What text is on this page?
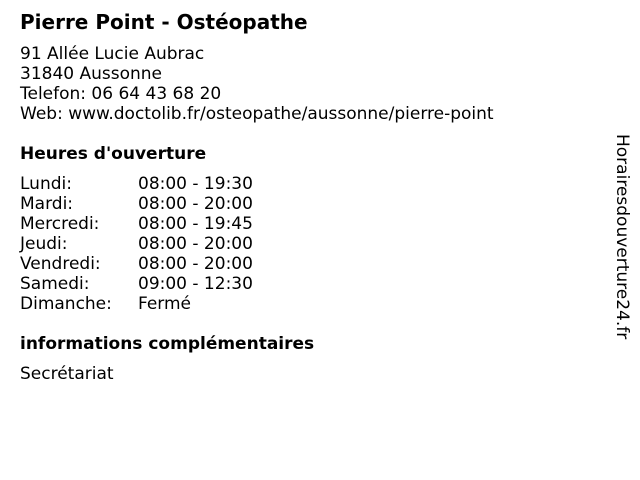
Pierre Point - Ostéopathe
91 Allée Lucie Aubrac
31840 Aussonne
Telefon: 06 64 43 68 20
Web: www.doctolib.fr/osteopathe/aussonne/pierre-point
Heures d'ouverture
Lundi:	08:00 - 19:30
Mardi:	08:00 - 20:00
Mercredi: 08:00 - 19:45
Jeudi:	08:00 - 20:00
Vendredi: 08:00 - 20:00
Samedi:	09:00 - 12:30
Dimanche: Fermé
informations complémentaires
Secrétariat
Horairesdouverture24.fr
